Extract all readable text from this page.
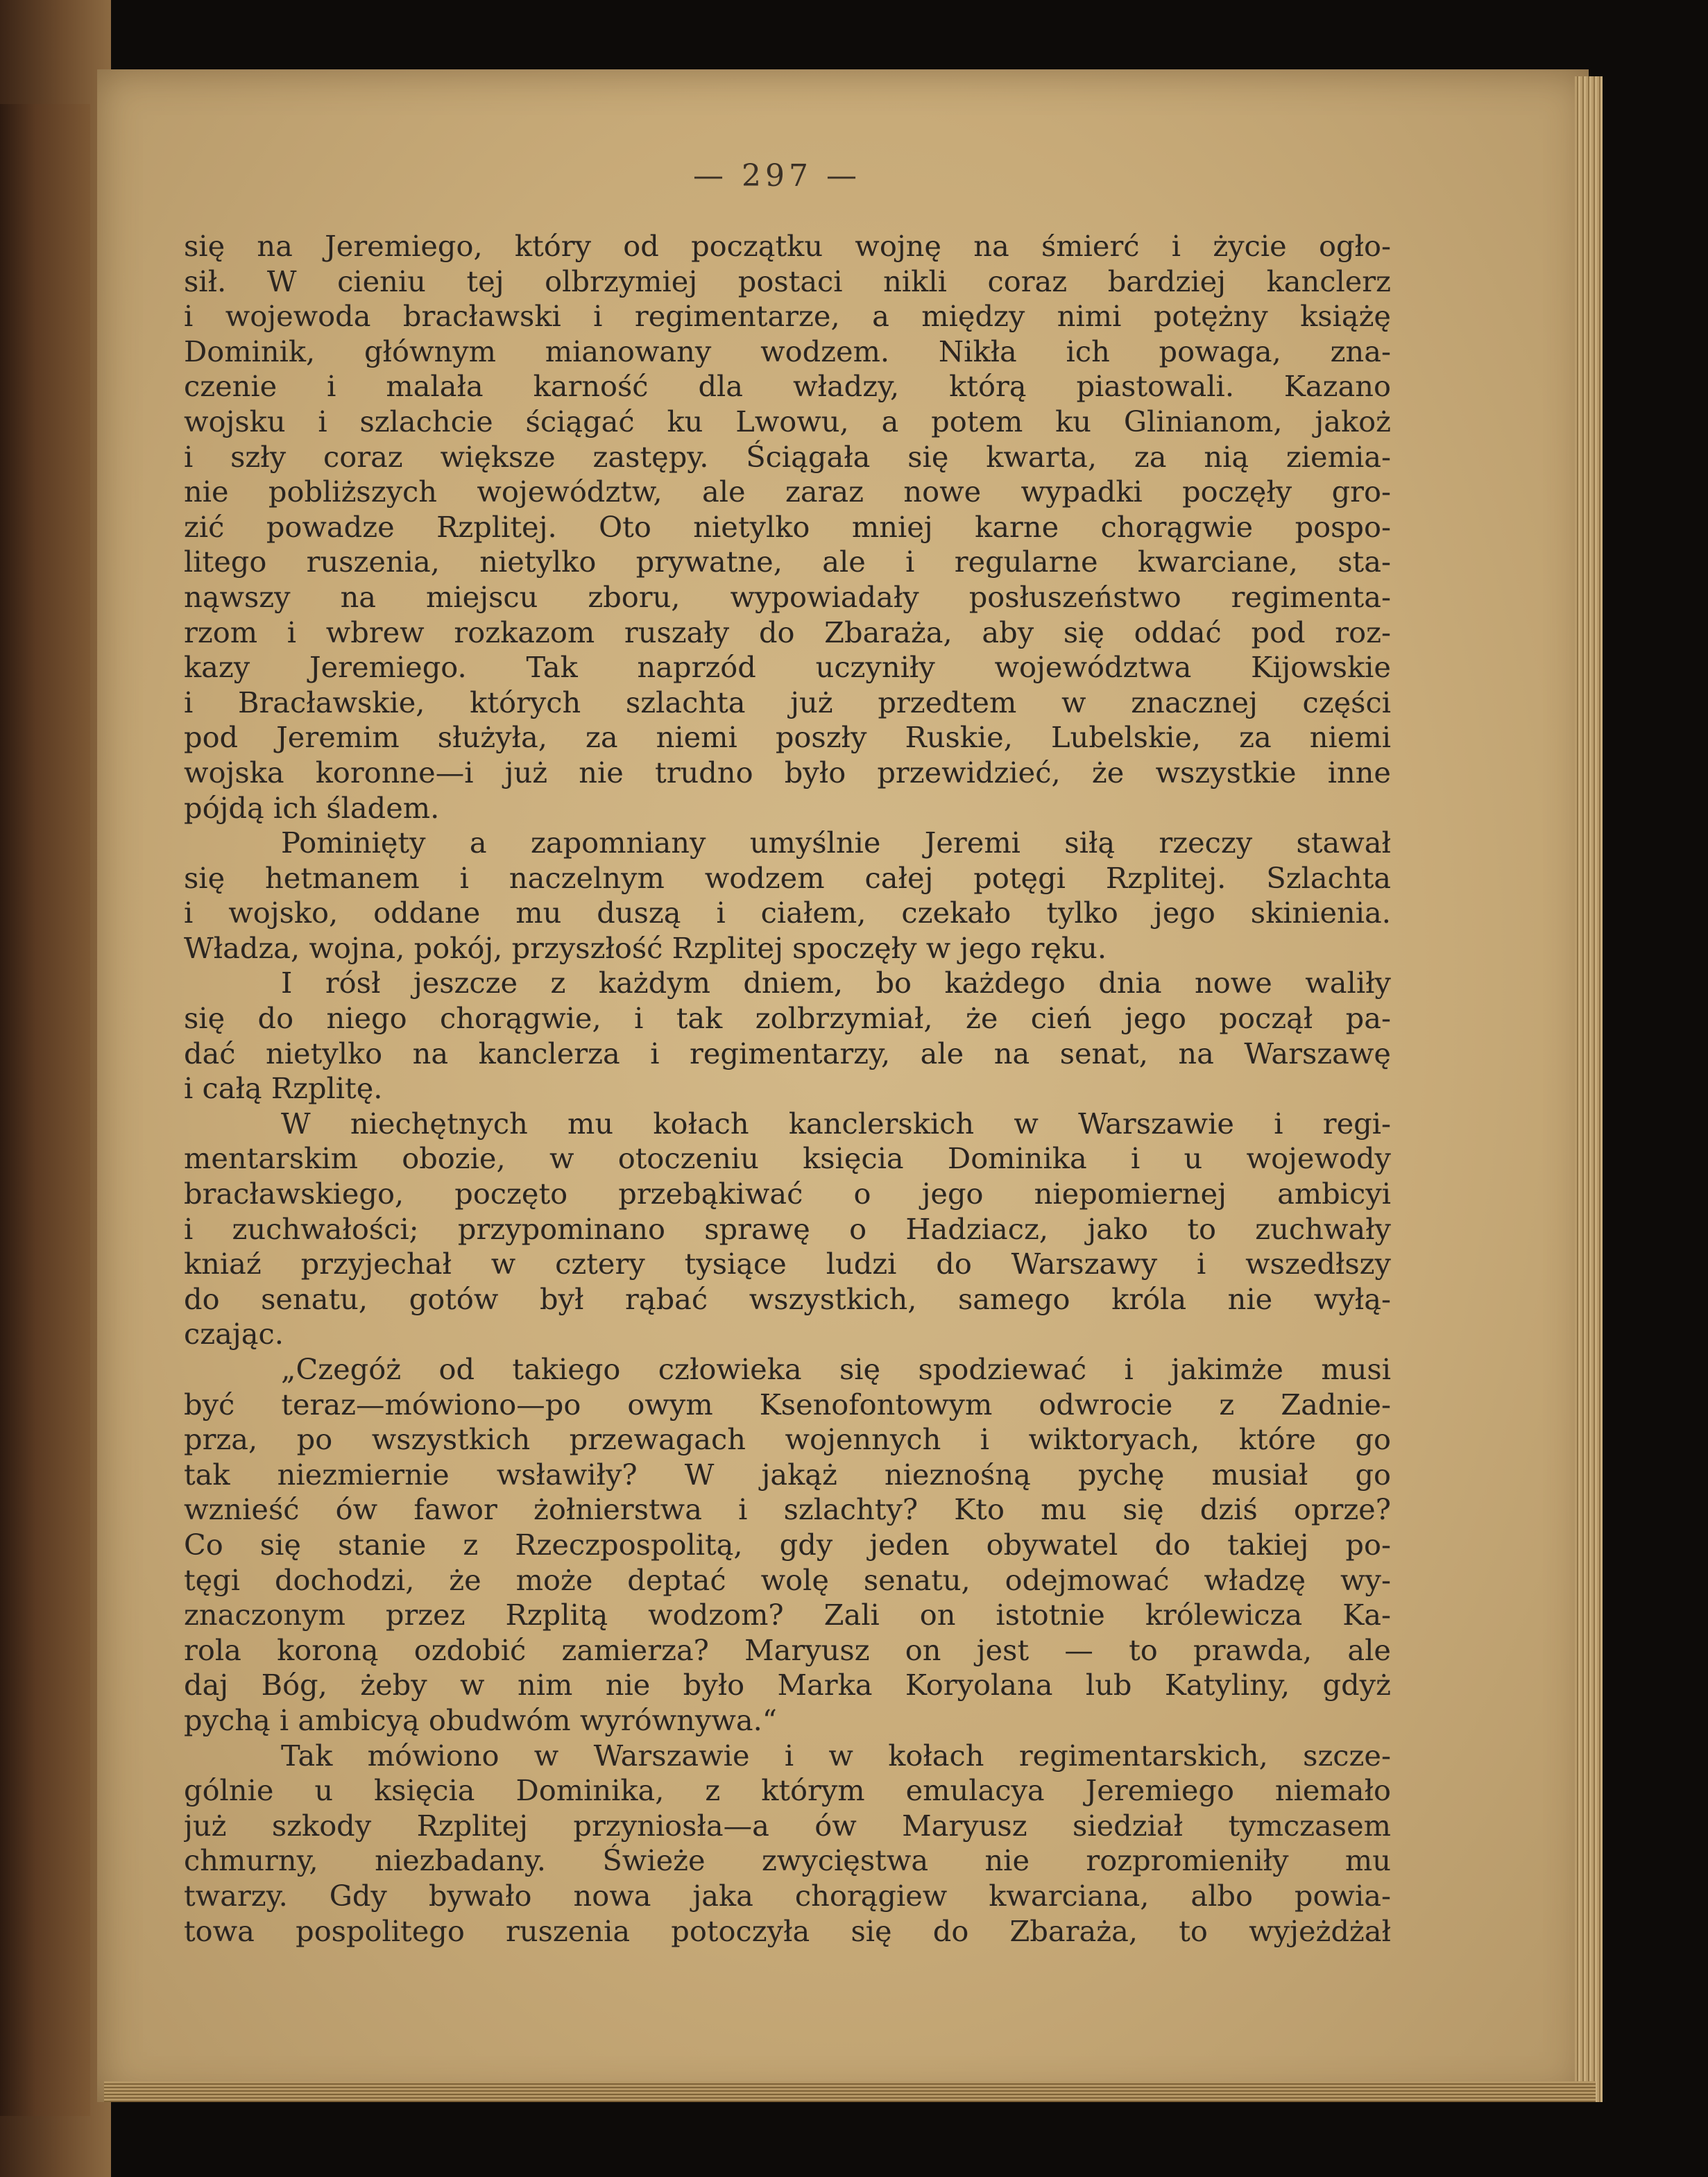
— 297 —
się na Jeremiego, który od początku wojnę na śmierć i życie ogło-
sił. W cieniu tej olbrzymiej postaci nikli coraz bardziej kanclerz
i wojewoda bracławski i regimentarze, a między nimi potężny książę
Dominik, głównym mianowany wodzem. Nikła ich powaga, zna-
czenie i malała karność dla władzy, którą piastowali. Kazano
wojsku i szlachcie ściągać ku Lwowu, a potem ku Glinianom, jakoż
i szły coraz większe zastępy. Ściągała się kwarta, za nią ziemia-
nie pobliższych województw, ale zaraz nowe wypadki poczęły gro-
zić powadze Rzplitej. Oto nietylko mniej karne chorągwie pospo-
litego ruszenia, nietylko prywatne, ale i regularne kwarciane, sta-
nąwszy na miejscu zboru, wypowiadały posłuszeństwo regimenta-
rzom i wbrew rozkazom ruszały do Zbaraża, aby się oddać pod roz-
kazy Jeremiego. Tak naprzód uczyniły województwa Kijowskie
i Bracławskie, których szlachta już przedtem w znacznej części
pod Jeremim służyła, za niemi poszły Ruskie, Lubelskie, za niemi
wojska koronne—i już nie trudno było przewidzieć, że wszystkie inne
pójdą ich śladem.
Pominięty a zapomniany umyślnie Jeremi siłą rzeczy stawał
się hetmanem i naczelnym wodzem całej potęgi Rzplitej. Szlachta
i wojsko, oddane mu duszą i ciałem, czekało tylko jego skinienia.
Władza, wojna, pokój, przyszłość Rzplitej spoczęły w jego ręku.
I rósł jeszcze z każdym dniem, bo każdego dnia nowe waliły
się do niego chorągwie, i tak zolbrzymiał, że cień jego począł pa-
dać nietylko na kanclerza i regimentarzy, ale na senat, na Warszawę
i całą Rzplitę.
W niechętnych mu kołach kanclerskich w Warszawie i regi-
mentarskim obozie, w otoczeniu księcia Dominika i u wojewody
bracławskiego, poczęto przebąkiwać o jego niepomiernej ambicyi
i zuchwałości; przypominano sprawę o Hadziacz, jako to zuchwały
kniaź przyjechał w cztery tysiące ludzi do Warszawy i wszedłszy
do senatu, gotów był rąbać wszystkich, samego króla nie wyłą-
czając.
„Czegóż od takiego człowieka się spodziewać i jakimże musi
być teraz—mówiono—po owym Ksenofontowym odwrocie z Zadnie-
prza, po wszystkich przewagach wojennych i wiktoryach, które go
tak niezmiernie wsławiły? W jakąż nieznośną pychę musiał go
wznieść ów fawor żołnierstwa i szlachty? Kto mu się dziś oprze?
Co się stanie z Rzeczpospolitą, gdy jeden obywatel do takiej po-
tęgi dochodzi, że może deptać wolę senatu, odejmować władzę wy-
znaczonym przez Rzplitą wodzom? Zali on istotnie królewicza Ka-
rola koroną ozdobić zamierza? Maryusz on jest — to prawda, ale
daj Bóg, żeby w nim nie było Marka Koryolana lub Katyliny, gdyż
pychą i ambicyą obudwóm wyrównywa.“
Tak mówiono w Warszawie i w kołach regimentarskich, szcze-
gólnie u księcia Dominika, z którym emulacya Jeremiego niemało
już szkody Rzplitej przyniosła—a ów Maryusz siedział tymczasem
chmurny, niezbadany. Świeże zwycięstwa nie rozpromieniły mu
twarzy. Gdy bywało nowa jaka chorągiew kwarciana, albo powia-
towa pospolitego ruszenia potoczyła się do Zbaraża, to wyjeżdżał
